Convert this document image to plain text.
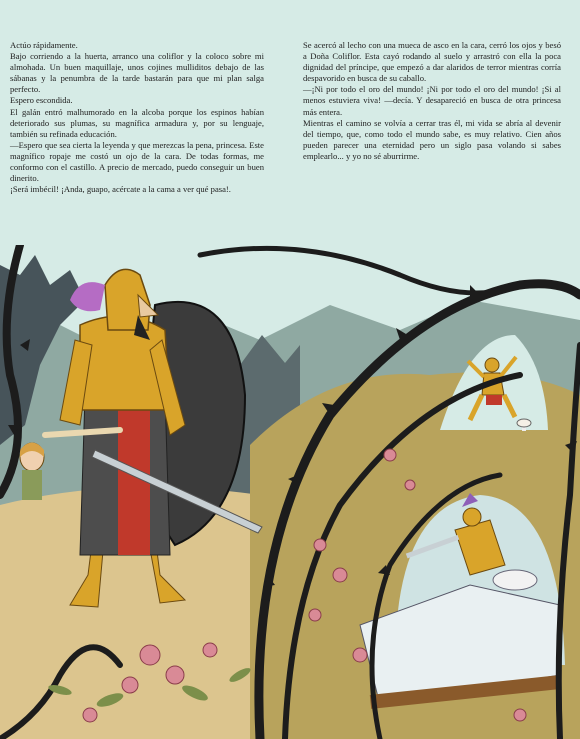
Actúo rápidamente.

Bajo corriendo a la huerta, arranco una coliflor y la coloco sobre mi almohada. Un buen maquillaje, unos cojines mulliditos debajo de las sábanas y la penumbra de la tarde bastarán para que mi plan salga perfecto.

Espero escondida.

El galán entró malhumorado en la alcoba porque los espinos habían deteriorado sus plumas, su magnífica armadura y, por su lenguaje, también su refinada educación.

—Espero que sea cierta la leyenda y que merezcas la pena, princesa. Este magnífico ropaje me costó un ojo de la cara. De todas formas, me conformo con el castillo. A precio de mercado, puedo conseguir un buen dinerito.

¡Será imbécil! ¡Anda, guapo, acércate a la cama a ver qué pasa!.

Se acercó al lecho con una mueca de asco en la cara, cerró los ojos y besó a Doña Coliflor. Esta cayó rodando al suelo y arrastró con ella la poca dignidad del príncipe, que empezó a dar alaridos de terror mientras corría despavorido en busca de su caballo.

—¡Ni por todo el oro del mundo! ¡Ni por todo el oro del mundo! ¡Si al menos estuviera viva! —decía. Y desapareció en busca de otra princesa más entera.

Mientras el camino se volvía a cerrar tras él, mi vida se abría al devenir del tiempo, que, como todo el mundo sabe, es muy relativo. Cien años pueden parecer una eternidad pero un siglo pasa volando si sabes emplearlo... y yo no sé aburrirme.
